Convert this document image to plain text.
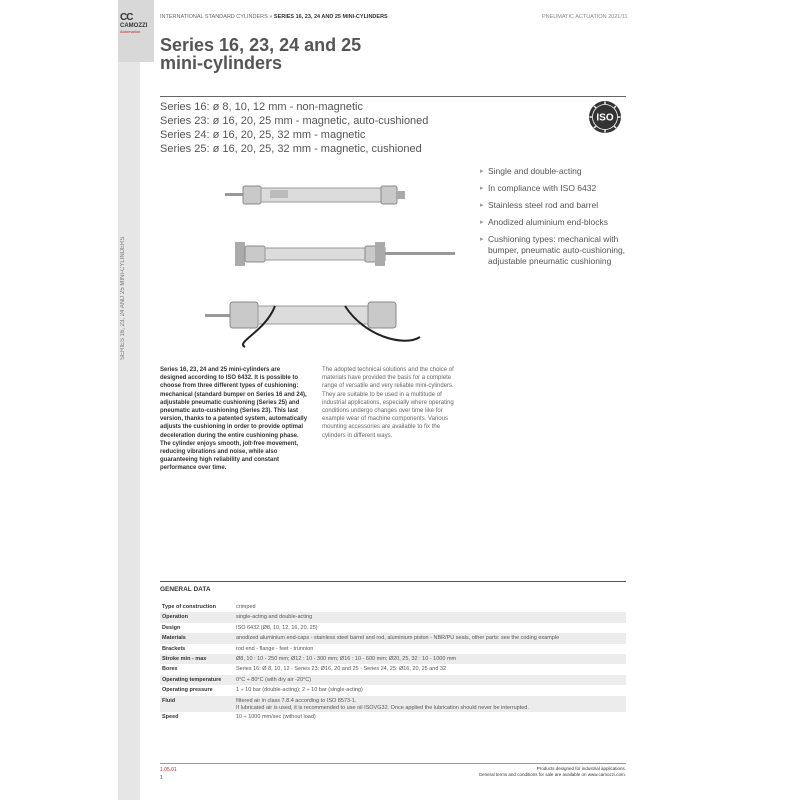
CC
CAMOZZI
Automation
SERIES 16, 23, 24 AND 25 MINI-CYLINDERS
INTERNATIONAL STANDARD CYLINDERS » SERIES 16, 23, 24 AND 25 MINI-CYLINDERS	PNEUMATIC ACTUATION 2021/11
Series 16, 23, 24 and 25
mini-cylinders
Series 16: ø 8, 10, 12 mm - non-magnetic
Series 23: ø 16, 20, 25 mm - magnetic, auto-cushioned
Series 24: ø 16, 20, 25, 32 mm - magnetic
Series 25: ø 16, 20, 25, 32 mm - magnetic, cushioned
ISO
▸ Single and double-acting
▸ In compliance with ISO 6432
▸ Stainless steel rod and barrel
▸ Anodized aluminium end-blocks
▸ Cushioning types: mechanical with bumper, pneumatic auto-cushioning, adjustable pneumatic cushioning
Series 16, 23, 24 and 25 mini-cylinders are designed according to ISO 6432. It is possible to choose from three different types of cushioning: mechanical (standard bumper on Series 16 and 24), adjustable pneumatic cushioning (Series 25) and pneumatic auto-cushioning (Series 23). This last version, thanks to a patented system, automatically adjusts the cushioning in order to provide optimal deceleration during the entire cushioning phase. The cylinder enjoys smooth, jolt-free movement, reducing vibrations and noise, while also guaranteeing high reliability and constant performance over time.
The adopted technical solutions and the choice of materials have provided the basis for a complete range of versatile and very reliable mini-cylinders. They are suitable to be used in a multitude of industrial applications, especially where operating conditions undergo changes over time like for example wear of machine components. Various mounting accessories are available to fix the cylinders in different ways.
GENERAL DATA
Type of construction	crimped
Operation	single-acting and double-acting
Design	ISO 6432 (Ø8, 10, 12, 16, 20, 25)
Materials	anodized aluminium end-caps - stainless steel barrel and rod, aluminium piston - NBR/PU seals, other parts: see the coding example
Brackets	rod end - flange - feet - trunnion
Stroke min - max	Ø8, 10 : 10 - 250 mm; Ø12 : 10 - 300 mm; Ø16 : 10 - 600 mm; Ø20, 25, 32 : 10 - 1000 mm
Bores	Series 16: Ø 8, 10, 12 - Series 23: Ø16, 20 and 25 - Series 24, 25: Ø16, 20, 25 and 32
Operating temperature	0°C ÷ 80°C (with dry air -20°C)
Operating pressure	1 ÷ 10 bar (double-acting); 2 ÷ 10 bar (single-acting)
Fluid	filtered air in class 7.8.4 according to ISO 8573-1.
If lubricated air is used, it is recommended to use oil ISOVG32. Once applied the lubrication should never be interrupted.

Speed	10 ÷ 1000 mm/sec (without load)
1.05.01
1
Products designed for industrial applications.
General terms and conditions for sale are available on www.camozzi.com.
